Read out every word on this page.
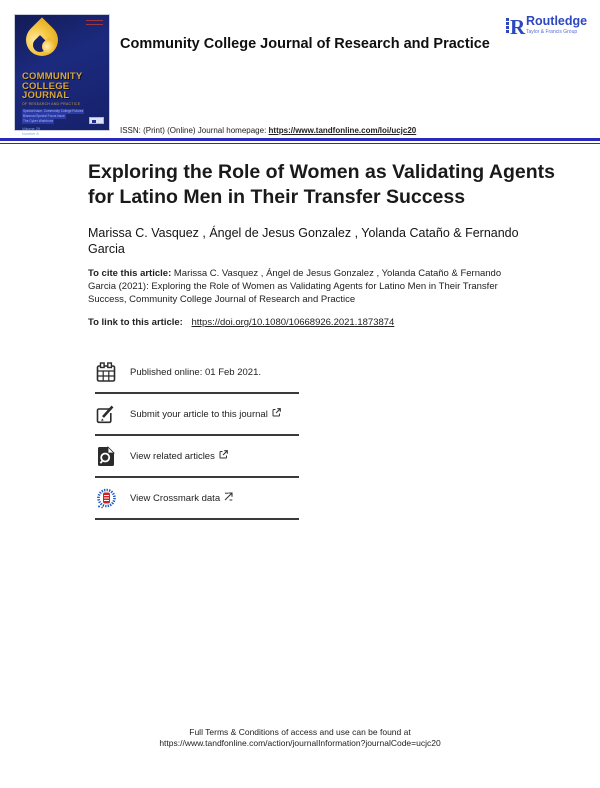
COMMUNITY
COLLEGE
JOURNAL
OF RESEARCH AND PRACTICE
Special Issue: Community College Futures
Biannual Special Focus Issue
The Cyber Workforce
Volume 29
Number 8
Community College Journal of Research and Practice
R Routledge
Taylor & Francis Group
ISSN: (Print) (Online) Journal homepage: https://www.tandfonline.com/loi/ucjc20
Exploring the Role of Women as Validating Agents
for Latino Men in Their Transfer Success
Marissa C. Vasquez , Ángel de Jesus Gonzalez , Yolanda Cataño & Fernando
Garcia
To cite this article: Marissa C. Vasquez , Ángel de Jesus Gonzalez , Yolanda Cataño & Fernando
Garcia (2021): Exploring the Role of Women as Validating Agents for Latino Men in Their Transfer
Success, Community College Journal of Research and Practice
To link to this article: https://doi.org/10.1080/10668926.2021.1873874
Published online: 01 Feb 2021.
Submit your article to this journal
View related articles
View Crossmark data
Full Terms & Conditions of access and use can be found at
https://www.tandfonline.com/action/journalInformation?journalCode=ucjc20
